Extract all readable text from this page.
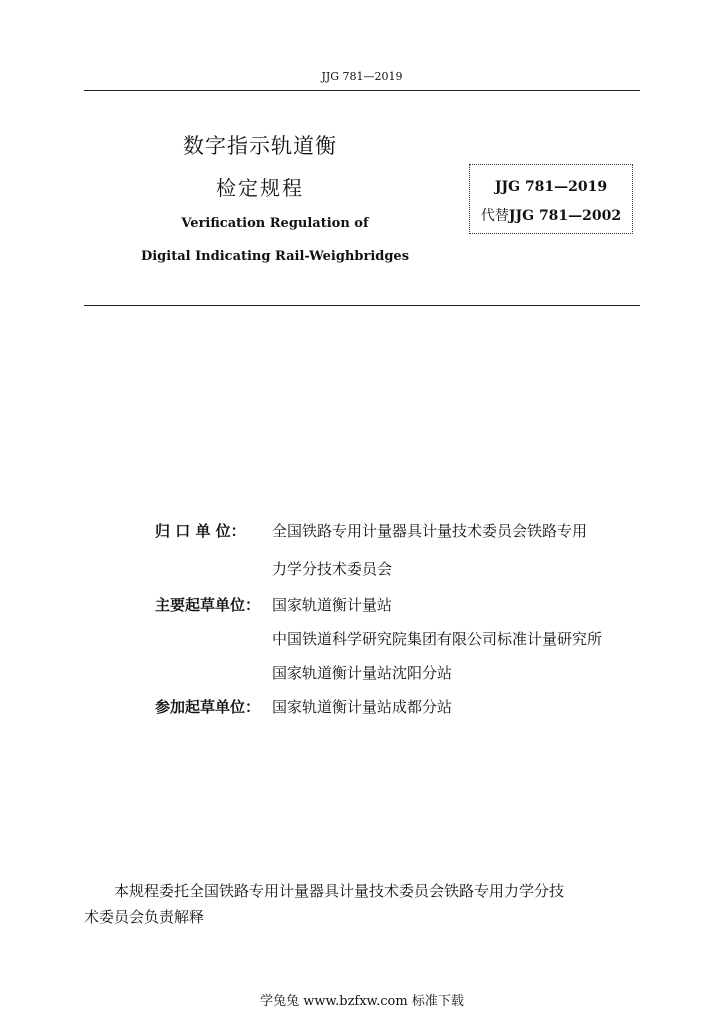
JJG 781—2019
数字指示轨道衡
检定规程
Verification Regulation of
Digital Indicating Rail-Weighbridges
JJG 781—2019
代替JJG 781—2002
归 口 单 位：	全国铁路专用计量器具计量技术委员会铁路专用
力学分技术委员会
主要起草单位： 国家轨道衡计量站
中国铁道科学研究院集团有限公司标准计量研究所
国家轨道衡计量站沈阳分站
参加起草单位： 国家轨道衡计量站成都分站
本规程委托全国铁路专用计量器具计量技术委员会铁路专用力学分技
术委员会负责解释
学兔兔 www.bzfxw.com 标准下载
